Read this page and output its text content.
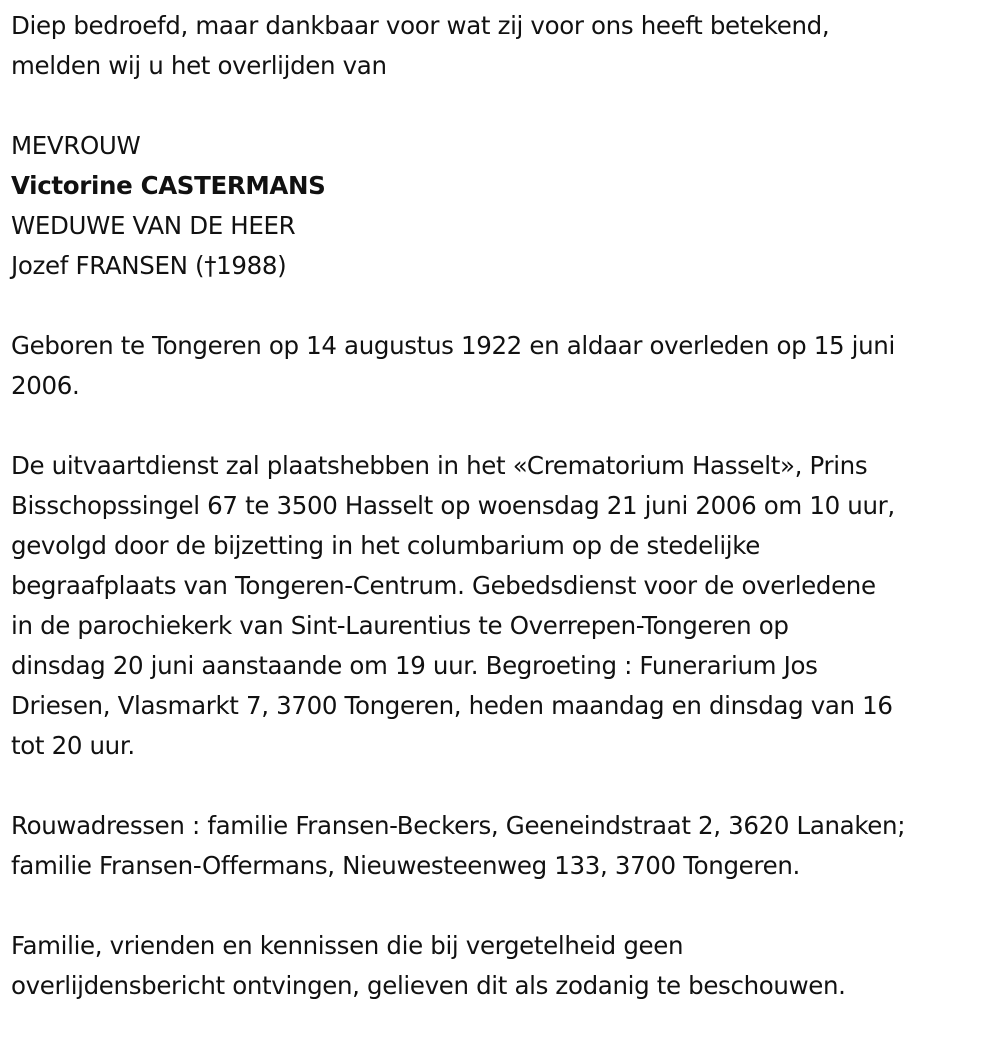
Diep bedroefd, maar dankbaar voor wat zij voor ons heeft betekend,
melden wij u het overlijden van

MEVROUW
Victorine CASTERMANS
WEDUWE VAN DE HEER
Jozef FRANSEN (†1988)

Geboren te Tongeren op 14 augustus 1922 en aldaar overleden op 15 juni
2006.

De uitvaartdienst zal plaatshebben in het «Crematorium Hasselt», Prins
Bisschopssingel 67 te 3500 Hasselt op woensdag 21 juni 2006 om 10 uur,
gevolgd door de bijzetting in het columbarium op de stedelijke
begraafplaats van Tongeren-Centrum. Gebedsdienst voor de overledene
in de parochiekerk van Sint-Laurentius te Overrepen-Tongeren op
dinsdag 20 juni aanstaande om 19 uur. Begroeting : Funerarium Jos
Driesen, Vlasmarkt 7, 3700 Tongeren, heden maandag en dinsdag van 16
tot 20 uur.

Rouwadressen : familie Fransen-Beckers, Geeneindstraat 2, 3620 Lanaken;
familie Fransen-Offermans, Nieuwesteenweg 133, 3700 Tongeren.

Familie, vrienden en kennissen die bij vergetelheid geen
overlijdensbericht ontvingen, gelieven dit als zodanig te beschouwen.
